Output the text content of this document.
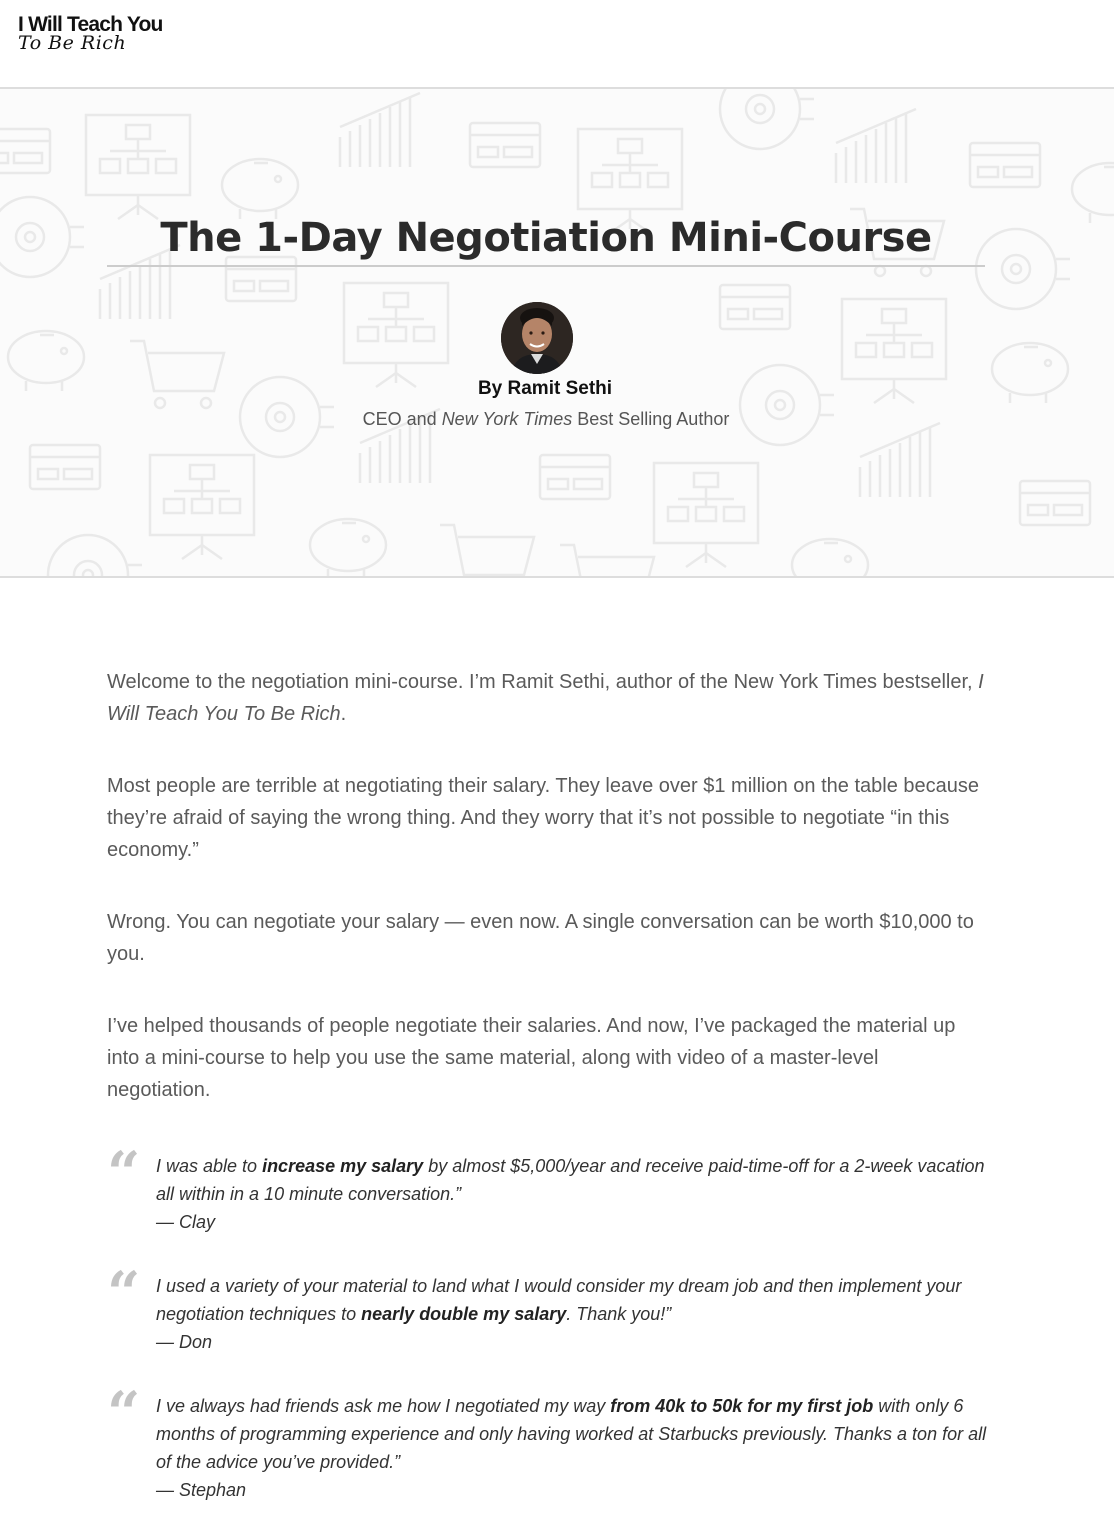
I Will Teach You
To Be Rich
The 1-Day Negotiation Mini-Course
By Ramit Sethi
CEO and New York Times Best Selling Author

Welcome to the negotiation mini-course. I’m Ramit Sethi, author of the New York Times bestseller, I Will Teach You To Be Rich.

Most people are terrible at negotiating their salary. They leave over $1 million on the table because they’re afraid of saying the wrong thing. And they worry that it’s not possible to negotiate “in this economy.”

Wrong. You can negotiate your salary — even now. A single conversation can be worth $10,000 to you.

I’ve helped thousands of people negotiate their salaries. And now, I’ve packaged the material up into a mini-course to help you use the same material, along with video of a master-level negotiation.

“ I was able to increase my salary by almost $5,000/year and receive paid-time-off for a 2-week vacation all within in a 10 minute conversation.”
— Clay
“ I used a variety of your material to land what I would consider my dream job and then implement your negotiation techniques to nearly double my salary. Thank you!”
— Don
“ I ve always had friends ask me how I negotiated my way from 40k to 50k for my first job with only 6 months of programming experience and only having worked at Starbucks previously. Thanks a ton for all of the advice you’ve provided.”
— Stephan
